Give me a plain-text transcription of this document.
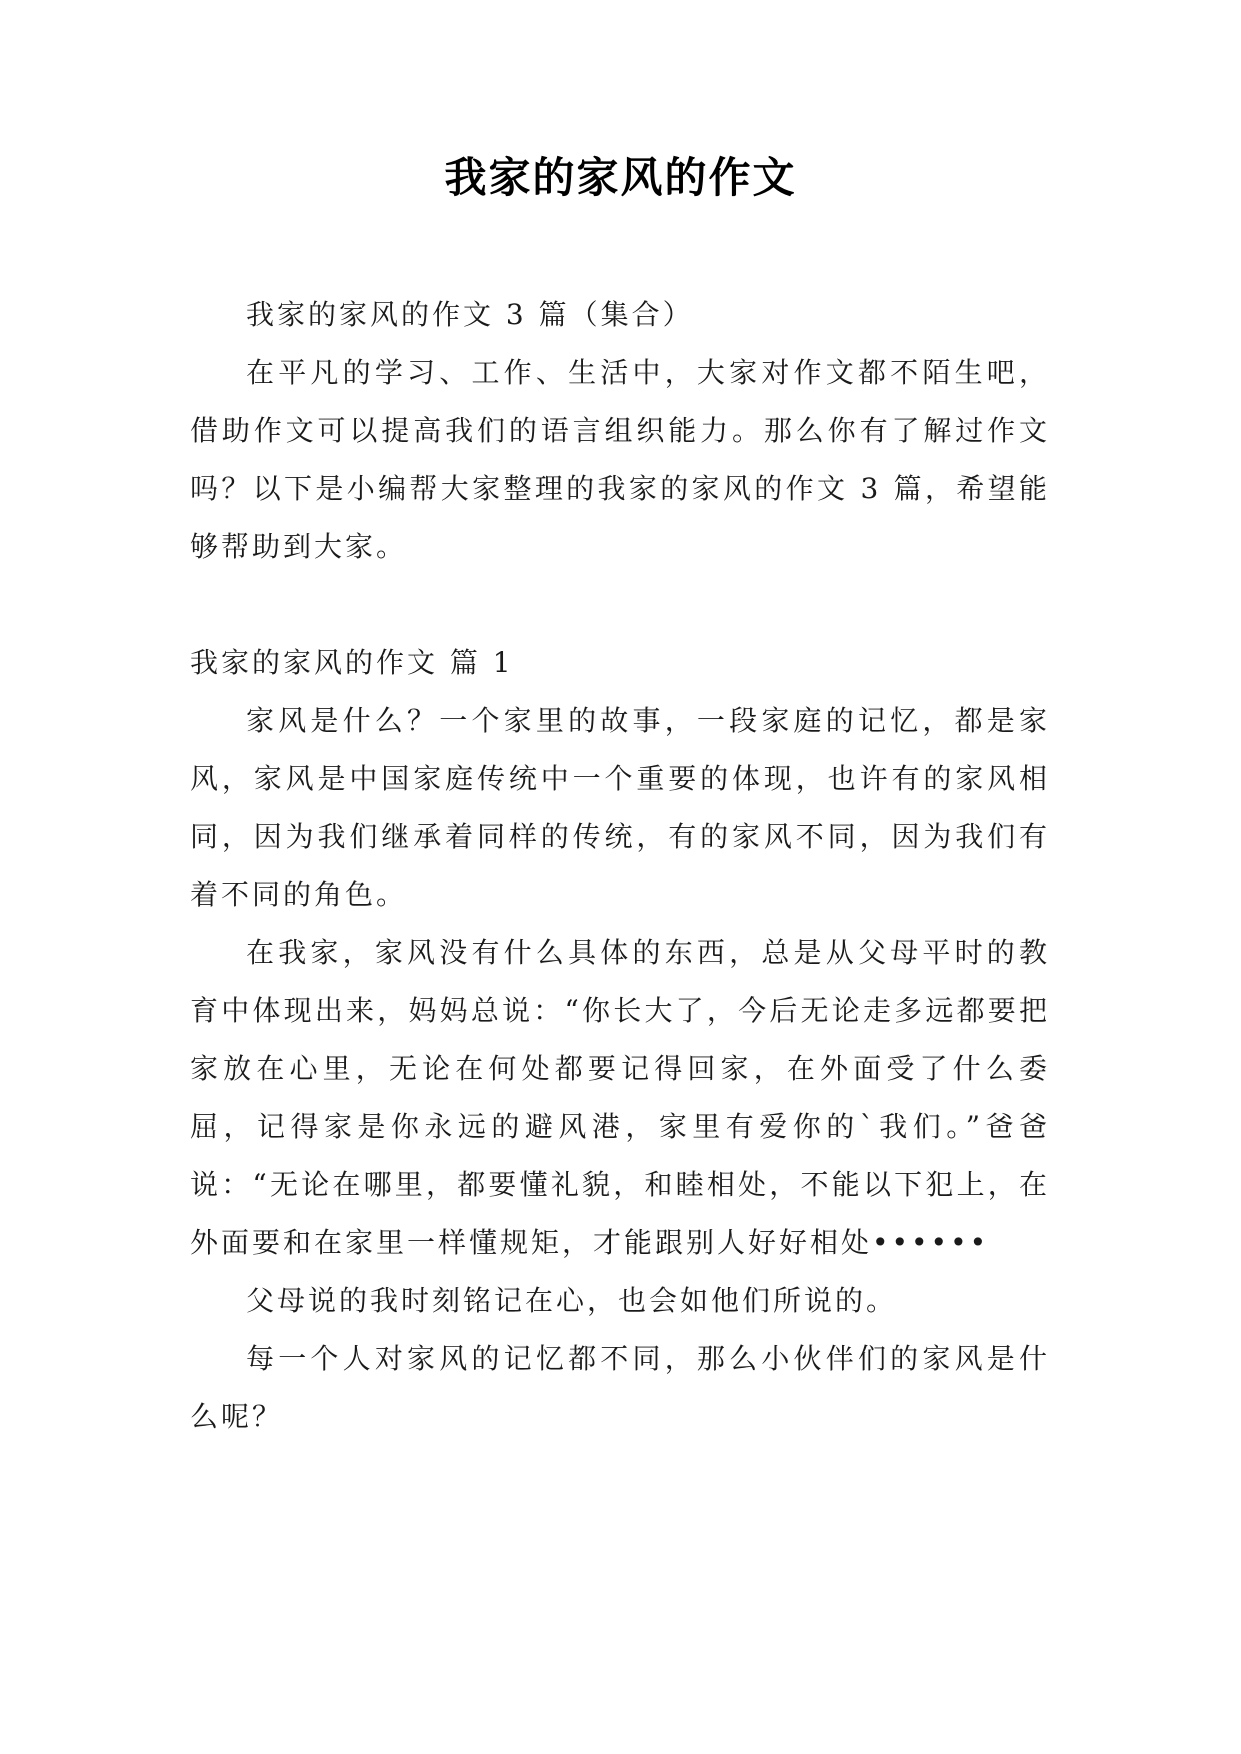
我家的家风的作文

我家的家风的作文 3 篇（集合）

在平凡的学习、工作、生活中，大家对作文都不陌生吧，借助作文可以提高我们的语言组织能力。那么你有了解过作文吗？以下是小编帮大家整理的我家的家风的作文 3 篇，希望能够帮助到大家。

我家的家风的作文 篇 1

家风是什么？一个家里的故事，一段家庭的记忆，都是家风，家风是中国家庭传统中一个重要的体现，也许有的家风相同，因为我们继承着同样的传统，有的家风不同，因为我们有着不同的角色。

在我家，家风没有什么具体的东西，总是从父母平时的教育中体现出来，妈妈总说：“你长大了，今后无论走多远都要把家放在心里，无论在何处都要记得回家，在外面受了什么委屈，记得家是你永远的避风港，家里有爱你的`我们。”爸爸说：“无论在哪里，都要懂礼貌，和睦相处，不能以下犯上，在外面要和在家里一样懂规矩，才能跟别人好好相处••••••

父母说的我时刻铭记在心，也会如他们所说的。

每一个人对家风的记忆都不同，那么小伙伴们的家风是什么呢？
